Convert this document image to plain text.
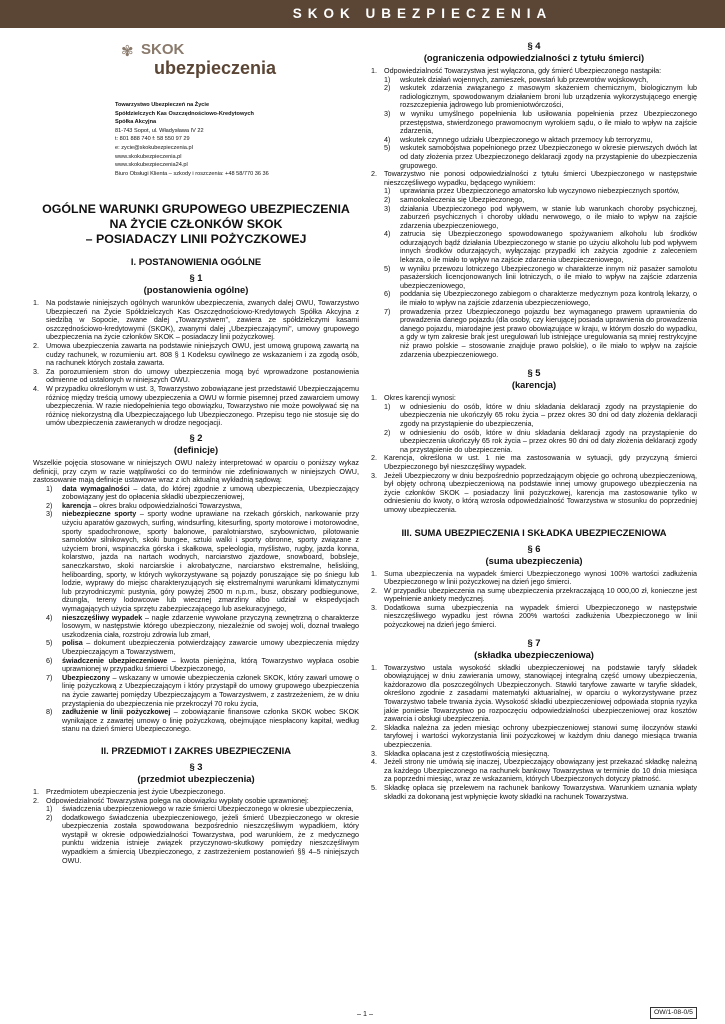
SKOK UBEZPIECZENIA
✾ SKOK
ubezpieczenia
Towarzystwo Ubezpieczeń na Życie
Spółdzielczych Kas Oszczędnościowo-Kredytowych
Spółka Akcyjna
81-743 Sopot, ul. Władysława IV 22
t: 801 888 740 f: 58 550 97 29
e: zycie@skokubezpieczenia.pl
www.skokubezpieczenia.pl
www.skokubezpieczenia24.pl
Biuro Obsługi Klienta – szkody i roszczenia: +48 58/770 36 36
OGÓLNE WARUNKI GRUPOWEGO UBEZPIECZENIA
NA ŻYCIE CZŁONKÓW SKOK
– POSIADACZY LINII POŻYCZKOWEJ
I. POSTANOWIENIA OGÓLNE
§ 1
(postanowienia ogólne)
1. Na podstawie niniejszych ogólnych warunków ubezpieczenia, zwanych dalej OWU, Towarzystwo Ubezpieczeń na Życie Spółdzielczych Kas Oszczędnościowo-Kredytowych Spółka Akcyjna z siedzibą w Sopocie, zwane dalej „Towarzystwem", zawiera ze spółdzielczymi kasami oszczędnościowo-kredytowymi (SKOK), zwanymi dalej „Ubezpieczającymi", umowy grupowego ubezpieczenia na życie członków SKOK – posiadaczy linii pożyczkowej.
2. Umowa ubezpieczenia zawarta na podstawie niniejszych OWU, jest umową grupową zawartą na cudzy rachunek, w rozumieniu art. 808 § 1 Kodeksu cywilnego ze wskazaniem i za zgodą osób, na rachunek których została zawarta.
3. Za porozumieniem stron do umowy ubezpieczenia mogą być wprowadzone postanowienia odmienne od ustalonych w niniejszych OWU.
4. W przypadku określonym w ust. 3, Towarzystwo zobowiązane jest przedstawić Ubezpieczającemu różnicę między treścią umowy ubezpieczenia a OWU w formie pisemnej przed zawarciem umowy ubezpieczenia. W razie niedopełnienia tego obowiązku, Towarzystwo nie może powoływać się na różnicę niekorzystną dla Ubezpieczającego lub Ubezpieczonego. Przepisu tego nie stosuje się do umów ubezpieczenia zawieranych w drodze negocjacji.
§ 2
(definicje)
Wszelkie pojęcia stosowane w niniejszych OWU należy interpretować w oparciu o poniższy wykaz definicji, przy czym w razie wątpliwości co do terminów nie zdefiniowanych w niniejszych OWU, zastosowanie mają definicje ustawowe wraz z ich aktualną wykładnią sądową:
1)	data wymagalności – data, do której zgodnie z umową ubezpieczenia, Ubezpieczający zobowiązany jest do opłacenia składki ubezpieczeniowej,
2)	karencja – okres braku odpowiedzialności Towarzystwa,
3)	niebezpieczne sporty – sporty wodne uprawiane na rzekach górskich, narkowanie przy użyciu aparatów gazowych, surfing, windsurfing, kitesurfing, sporty motorowe i motorowodne, sporty spadochronowe, sporty balonowe, paralotniarstwo, szybownictwo, pilotowanie samolotów silnikowych, skoki bungee, sztuki walki i sporty obronne, sporty związane z użyciem broni, wspinaczka górska i skałkowa, speleologia, myślistwo, rugby, jazda konna, kolarstwo, jazda na nartach wodnych, narciarstwo zjazdowe, snowboard, bobsleje, saneczkarstwo, skoki narciarskie i akrobatyczne, narciarstwo ekstremalne, heliskiing, heliboarding, sporty, w których wykorzystywane są pojazdy poruszające się po śniegu lub lodzie, wyprawy do miejsc charakteryzujących się ekstremalnymi warunkami klimatycznymi lub przyrodniczymi: pustynia, góry powyżej 2500 m n.p.m., busz, obszary podbiegunowe, dżungla, tereny lodowcowe lub wiecznej zmarzliny albo udział w ekspedycjach wymagających użycia sprzętu zabezpieczającego lub asekuracyjnego,
4)	nieszczęśliwy wypadek – nagłe zdarzenie wywołane przyczyną zewnętrzną o charakterze losowym, w następstwie którego ubezpieczony, niezależnie od swojej woli, doznał trwałego uszkodzenia ciała, rozstroju zdrowia lub zmarł,
5)	polisa – dokument ubezpieczenia potwierdzający zawarcie umowy ubezpieczenia między Ubezpieczającym a Towarzystwem,
6)	świadczenie ubezpieczeniowe – kwota pieniężna, którą Towarzystwo wypłaca osobie uprawnionej w przypadku śmierci Ubezpieczonego,
7)	Ubezpieczony – wskazany w umowie ubezpieczenia członek SKOK, który zawarł umowę o linię pożyczkową z Ubezpieczającym i który przystąpił do umowy grupowego ubezpieczenia na życie zawartej pomiędzy Ubezpieczającym a Towarzystwem, z zastrzeżeniem, że w dniu przystąpienia do ubezpieczenia nie przekroczył 70 roku życia,
8)	zadłużenie w linii pożyczkowej – zobowiązanie finansowe członka SKOK wobec SKOK wynikające z zawartej umowy o linię pożyczkową, obejmujące niespłacony kapitał, według stanu na dzień śmierci Ubezpieczonego.
II. PRZEDMIOT I ZAKRES UBEZPIECZENIA
§ 3
(przedmiot ubezpieczenia)
1. Przedmiotem ubezpieczenia jest życie Ubezpieczonego.
2. Odpowiedzialność Towarzystwa polega na obowiązku wypłaty osobie uprawnionej:
1)	świadczenia ubezpieczeniowego w razie śmierci Ubezpieczonego w okresie ubezpieczenia,
2)	dodatkowego świadczenia ubezpieczeniowego, jeżeli śmierć Ubezpieczonego w okresie ubezpieczenia została spowodowana bezpośrednio nieszczęśliwym wypadkiem, który wystąpił w okresie odpowiedzialności Towarzystwa, pod warunkiem, że z medycznego punktu widzenia istnieje związek przyczynowo-skutkowy pomiędzy nieszczęśliwym wypadkiem a śmiercią Ubezpieczonego, z zastrzeżeniem postanowień §§ 4–5 niniejszych OWU.
§ 4
(ograniczenia odpowiedzialności z tytułu śmierci)
1. Odpowiedzialność Towarzystwa jest wyłączona, gdy śmierć Ubezpieczonego nastąpiła:
1)	wskutek działań wojennych, zamieszek, powstań lub przewrotów wojskowych,
2)	wskutek zdarzenia związanego z masowym skażeniem chemicznym, biologicznym lub radiologicznym, spowodowanym działaniem broni lub urządzenia wykorzystującego energię rozszczepienia jądrowego lub promieniotwórczości,
3)	w wyniku umyślnego popełnienia lub usiłowania popełnienia przez Ubezpieczonego przestępstwa, stwierdzonego prawomocnym wyrokiem sądu, o ile miało to wpływ na zajście zdarzenia,
4)	wskutek czynnego udziału Ubezpieczonego w aktach przemocy lub terroryzmu,
5)	wskutek samobójstwa popełnionego przez Ubezpieczonego w okresie pierwszych dwóch lat od daty złożenia przez Ubezpieczonego deklaracji zgody na przystąpienie do ubezpieczenia grupowego.
2. Towarzystwo nie ponosi odpowiedzialności z tytułu śmierci Ubezpieczonego w następstwie nieszczęśliwego wypadku, będącego wynikiem:
1)	uprawiania przez Ubezpieczonego amatorsko lub wyczynowo niebezpiecznych sportów,
2)	samookaleczenia się Ubezpieczonego,
3)	działania Ubezpieczonego pod wpływem, w stanie lub warunkach choroby psychicznej, zaburzeń psychicznych i choroby układu nerwowego, o ile miało to wpływ na zajście zdarzenia ubezpieczeniowego,
4)	zatrucia się Ubezpieczonego spowodowanego spożywaniem alkoholu lub środków odurzających bądź działania Ubezpieczonego w stanie po użyciu alkoholu lub pod wpływem innych środków odurzających, wyłączając przypadki ich zażycia zgodnie z zaleceniem lekarza, o ile miało to wpływ na zajście zdarzenia ubezpieczeniowego,
5)	w wyniku przewozu lotniczego Ubezpieczonego w charakterze innym niż pasażer samolotu pasażerskich licencjonowanych linii lotniczych, o ile miało to wpływ na zajście zdarzenia ubezpieczeniowego,
6)	poddania się Ubezpieczonego zabiegom o charakterze medycznym poza kontrolą lekarzy, o ile miało to wpływ na zajście zdarzenia ubezpieczeniowego,
7)	prowadzenia przez Ubezpieczonego pojazdu bez wymaganego prawem uprawnienia do prowadzenia danego pojazdu (dla osoby, czy kierującej posiada uprawnienia do prowadzenia danego pojazdu, miarodajne jest prawo obowiązujące w kraju, w którym doszło do wypadku, a gdy w tym zakresie brak jest uregulowań lub istniejące uregulowania są mniej restrykcyjne niż prawo polskie – stosowanie znajduje prawo polskie), o ile miało to wpływ na zajście zdarzenia ubezpieczeniowego.
§ 5
(karencja)
1. Okres karencji wynosi:
1)	w odniesieniu do osób, które w dniu składania deklaracji zgody na przystąpienie do ubezpieczenia nie ukończyły 65 roku życia – przez okres 30 dni od daty złożenia deklaracji zgody na przystąpienie do ubezpieczenia,
2)	w odniesieniu do osób, które w dniu składania deklaracji zgody na przystąpienie do ubezpieczenia ukończyły 65 rok życia – przez okres 90 dni od daty złożenia deklaracji zgody na przystąpienie do ubezpieczenia.
2. Karencja, określona w ust. 1 nie ma zastosowania w sytuacji, gdy przyczyną śmierci Ubezpieczonego był nieszczęśliwy wypadek.
3. Jeżeli Ubezpieczony w dniu bezpośrednio poprzedzającym objęcie go ochroną ubezpieczeniową, był objęty ochroną ubezpieczeniową na podstawie innej umowy grupowego ubezpieczenia na życie członków SKOK – posiadaczy linii pożyczkowej, karencja ma zastosowanie tylko w odniesieniu do kwoty, o którą wzrosła odpowiedzialność Towarzystwa w stosunku do poprzedniej umowy ubezpieczenia.
III. SUMA UBEZPIECZENIA I SKŁADKA UBEZPIECZENIOWA
§ 6
(suma ubezpieczenia)
1. Suma ubezpieczenia na wypadek śmierci Ubezpieczonego wynosi 100% wartości zadłużenia Ubezpieczonego w linii pożyczkowej na dzień jego śmierci.
2. W przypadku ubezpieczenia na sumę ubezpieczenia przekraczającą 10 000,00 zł, konieczne jest wypełnienie ankiety medycznej.
3. Dodatkowa suma ubezpieczenia na wypadek śmierci Ubezpieczonego w następstwie nieszczęśliwego wypadku jest równa 200% wartości zadłużenia Ubezpieczonego w linii pożyczkowej na dzień jego śmierci.
§ 7
(składka ubezpieczeniowa)
1. Towarzystwo ustala wysokość składki ubezpieczeniowej na podstawie taryfy składek obowiązującej w dniu zawierania umowy, stanowiącej integralną część umowy ubezpieczenia, każdorazowo dla poszczególnych Ubezpieczonych. Stawki taryfowe zawarte w taryfie składek, określono zgodnie z zasadami matematyki aktuarialnej, w oparciu o wykorzystywane przez Towarzystwo tabele trwania życia. Wysokość składki ubezpieczeniowej odpowiada stopnia ryzyka jakie poniesie Towarzystwo po rozpoczęciu odpowiedzialności ubezpieczeniowej oraz kosztów zawarcia i obsługi ubezpieczenia.
2. Składka należna za jeden miesiąc ochrony ubezpieczeniowej stanowi sumę iloczynów stawki taryfowej i wartości wykorzystania linii pożyczkowej w każdym dniu danego miesiąca trwania ubezpieczenia.
3. Składka opłacana jest z częstotliwością miesięczną.
4. Jeżeli strony nie umówią się inaczej, Ubezpieczający obowiązany jest przekazać składkę należną za każdego Ubezpieczonego na rachunek bankowy Towarzystwa w terminie do 10 dnia miesiąca za poprzedni miesiąc, wraz ze wskazaniem, których Ubezpieczonych dotyczy płatność.
5. Składkę opłaca się przelewem na rachunek bankowy Towarzystwa. Warunkiem uznania wpłaty składki za dokonaną jest wpłynięcie kwoty składki na rachunek Towarzystwa.
– 1 –	OW/1-08-0/5
